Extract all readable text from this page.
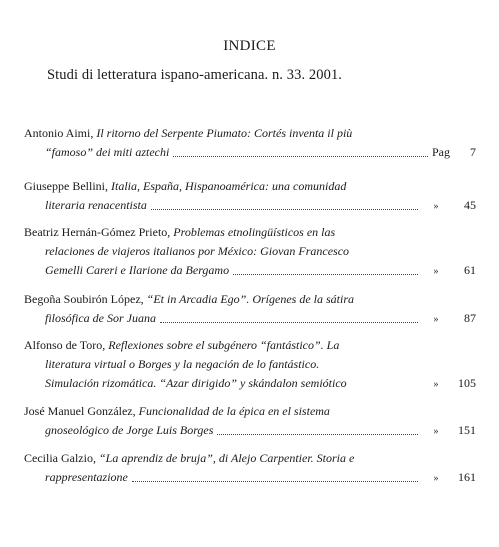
INDICE
Studi di letteratura ispano-americana. n. 33. 2001.
Antonio Aimi, Il ritorno del Serpente Piumato: Cortés inventa il più
“famoso” dei miti aztechi	Pag	7
Giuseppe Bellini, Italia, España, Hispanoamérica: una comunidad
literaria renacentista	»	45
Beatriz Hernán-Gómez Prieto, Problemas etnolingüísticos en las
relaciones de viajeros italianos por México: Giovan Francesco
Gemelli Careri e Ilarione da Bergamo	»	61
Begoña Soubirón López, “Et in Arcadia Ego”. Orígenes de la sátira
filosófica de Sor Juana	»	87
Alfonso de Toro, Reflexiones sobre el subgénero “fantástico”. La
literatura virtual o Borges y la negación de lo fantástico.
Simulación rizomática. “Azar dirigido” y skándalon semiótico	»	105
José Manuel González, Funcionalidad de la épica en el sistema
gnoseológico de Jorge Luis Borges	»	151
Cecilia Galzio, “La aprendiz de bruja”, di Alejo Carpentier. Storia e
rappresentazione	»	161
